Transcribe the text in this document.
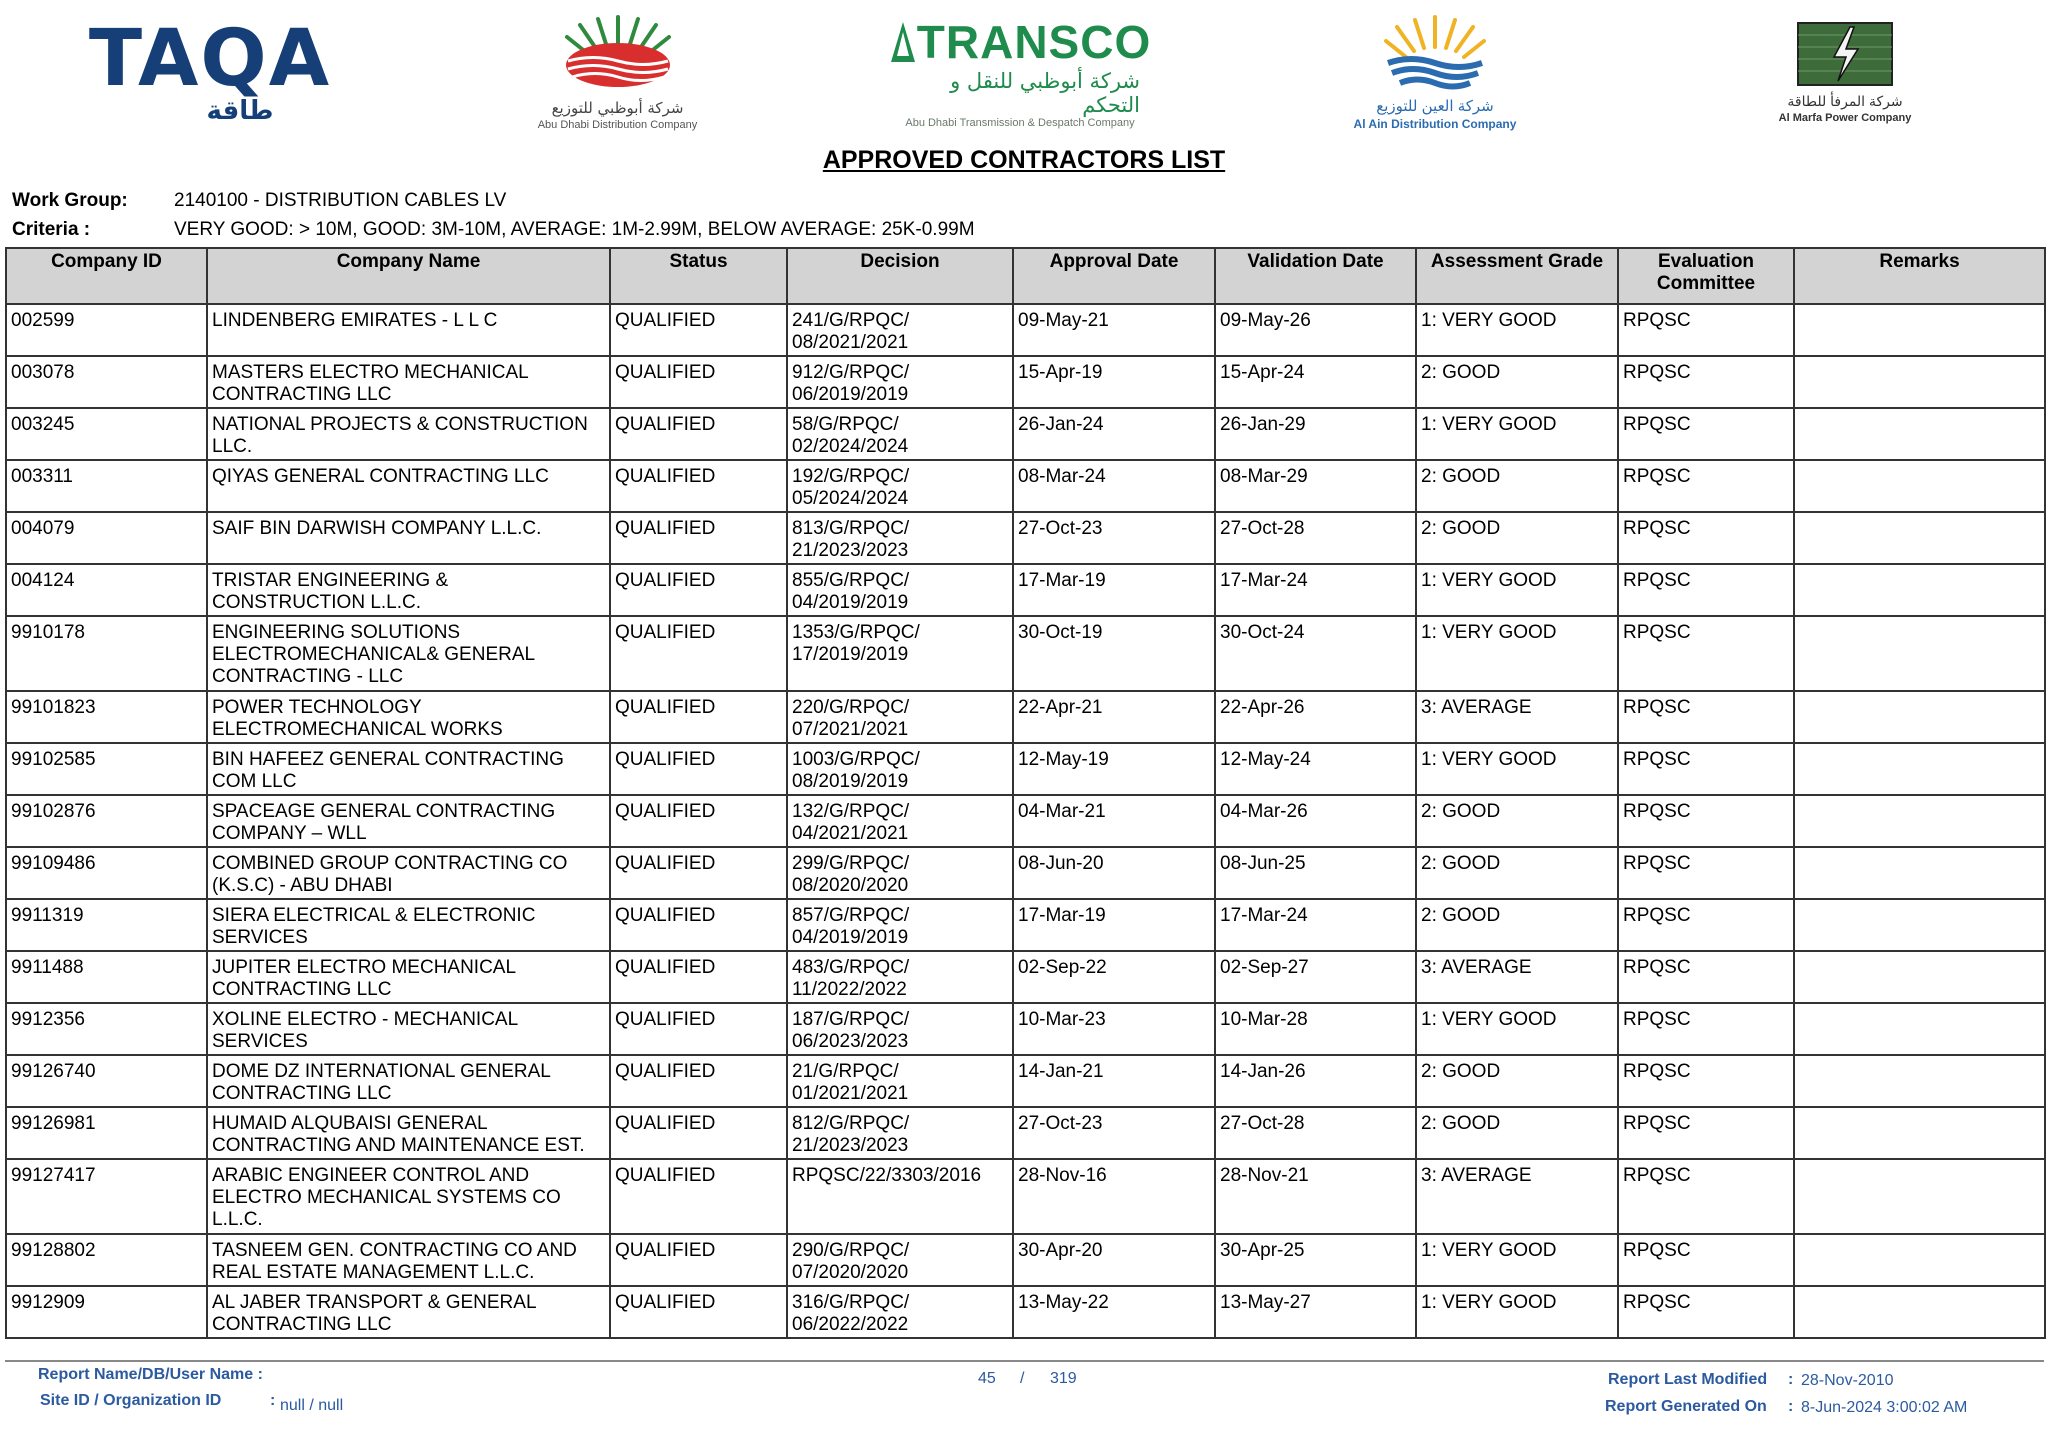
TAQA
طاقة	شركة أبوظبي للتوزيع
Abu Dhabi Distribution Company
TRANSCO
شركة أبوظبي للنقل و التحكم
Abu Dhabi Transmission & Despatch Company
شركة العين للتوزيع
Al Ain Distribution Company
شركة المرفأ للطاقة
Al Marfa Power Company
APPROVED CONTRACTORS LIST
Work Group: 2140100 - DISTRIBUTION CABLES LV
Criteria :	VERY GOOD: > 10M, GOOD: 3M-10M, AVERAGE: 1M-2.99M, BELOW AVERAGE: 25K-0.99M
Company ID	Company Name	Status	Decision	Approval Date	Validation Date	Assessment Grade	Evaluation Committee	Remarks
002599	LINDENBERG EMIRATES - L L C	QUALIFIED	241/G/RPQC/ 08/2021/2021	09-May-21	09-May-26	1: VERY GOOD	RPQSC	
003078	MASTERS ELECTRO MECHANICAL CONTRACTING LLC	QUALIFIED	912/G/RPQC/ 06/2019/2019	15-Apr-19	15-Apr-24	2: GOOD	RPQSC	
003245	NATIONAL PROJECTS & CONSTRUCTION LLC.	QUALIFIED	58/G/RPQC/ 02/2024/2024	26-Jan-24	26-Jan-29	1: VERY GOOD	RPQSC	
003311	QIYAS GENERAL CONTRACTING LLC	QUALIFIED	192/G/RPQC/ 05/2024/2024	08-Mar-24	08-Mar-29	2: GOOD	RPQSC	
004079	SAIF BIN DARWISH COMPANY L.L.C.	QUALIFIED	813/G/RPQC/ 21/2023/2023	27-Oct-23	27-Oct-28	2: GOOD	RPQSC	
004124	TRISTAR ENGINEERING & CONSTRUCTION L.L.C.	QUALIFIED	855/G/RPQC/ 04/2019/2019	17-Mar-19	17-Mar-24	1: VERY GOOD	RPQSC	
9910178	ENGINEERING SOLUTIONS ELECTROMECHANICAL& GENERAL CONTRACTING - LLC	QUALIFIED	1353/G/RPQC/ 17/2019/2019	30-Oct-19	30-Oct-24	1: VERY GOOD	RPQSC	
99101823	POWER TECHNOLOGY ELECTROMECHANICAL WORKS	QUALIFIED	220/G/RPQC/ 07/2021/2021	22-Apr-21	22-Apr-26	3: AVERAGE	RPQSC	
99102585	BIN HAFEEZ GENERAL CONTRACTING COM LLC	QUALIFIED	1003/G/RPQC/ 08/2019/2019	12-May-19	12-May-24	1: VERY GOOD	RPQSC	
99102876	SPACEAGE GENERAL CONTRACTING COMPANY – WLL	QUALIFIED	132/G/RPQC/ 04/2021/2021	04-Mar-21	04-Mar-26	2: GOOD	RPQSC	
99109486	COMBINED GROUP CONTRACTING CO (K.S.C) - ABU DHABI	QUALIFIED	299/G/RPQC/ 08/2020/2020	08-Jun-20	08-Jun-25	2: GOOD	RPQSC	
9911319	SIERA ELECTRICAL & ELECTRONIC SERVICES	QUALIFIED	857/G/RPQC/ 04/2019/2019	17-Mar-19	17-Mar-24	2: GOOD	RPQSC	
9911488	JUPITER ELECTRO MECHANICAL CONTRACTING LLC	QUALIFIED	483/G/RPQC/ 11/2022/2022	02-Sep-22	02-Sep-27	3: AVERAGE	RPQSC	
9912356	XOLINE ELECTRO - MECHANICAL SERVICES	QUALIFIED	187/G/RPQC/ 06/2023/2023	10-Mar-23	10-Mar-28	1: VERY GOOD	RPQSC	
99126740	DOME DZ INTERNATIONAL GENERAL CONTRACTING LLC	QUALIFIED	21/G/RPQC/ 01/2021/2021	14-Jan-21	14-Jan-26	2: GOOD	RPQSC	
99126981	HUMAID ALQUBAISI GENERAL CONTRACTING AND MAINTENANCE EST.	QUALIFIED	812/G/RPQC/ 21/2023/2023	27-Oct-23	27-Oct-28	2: GOOD	RPQSC	
99127417	ARABIC ENGINEER CONTROL AND ELECTRO MECHANICAL SYSTEMS CO L.L.C.	QUALIFIED	RPQSC/22/3303/2016	28-Nov-16	28-Nov-21	3: AVERAGE	RPQSC	
99128802	TASNEEM GEN. CONTRACTING CO AND REAL ESTATE MANAGEMENT L.L.C.	QUALIFIED	290/G/RPQC/ 07/2020/2020	30-Apr-20	30-Apr-25	1: VERY GOOD	RPQSC	
9912909	AL JABER TRANSPORT & GENERAL CONTRACTING LLC	QUALIFIED	316/G/RPQC/ 06/2022/2022	13-May-22	13-May-27	1: VERY GOOD	RPQSC	
Report Name/DB/User Name :
Site ID / Organization ID	: null / null
45 / 319	Report Last Modified : 28-Nov-2010
Report Generated On : 8-Jun-2024 3:00:02 AM
